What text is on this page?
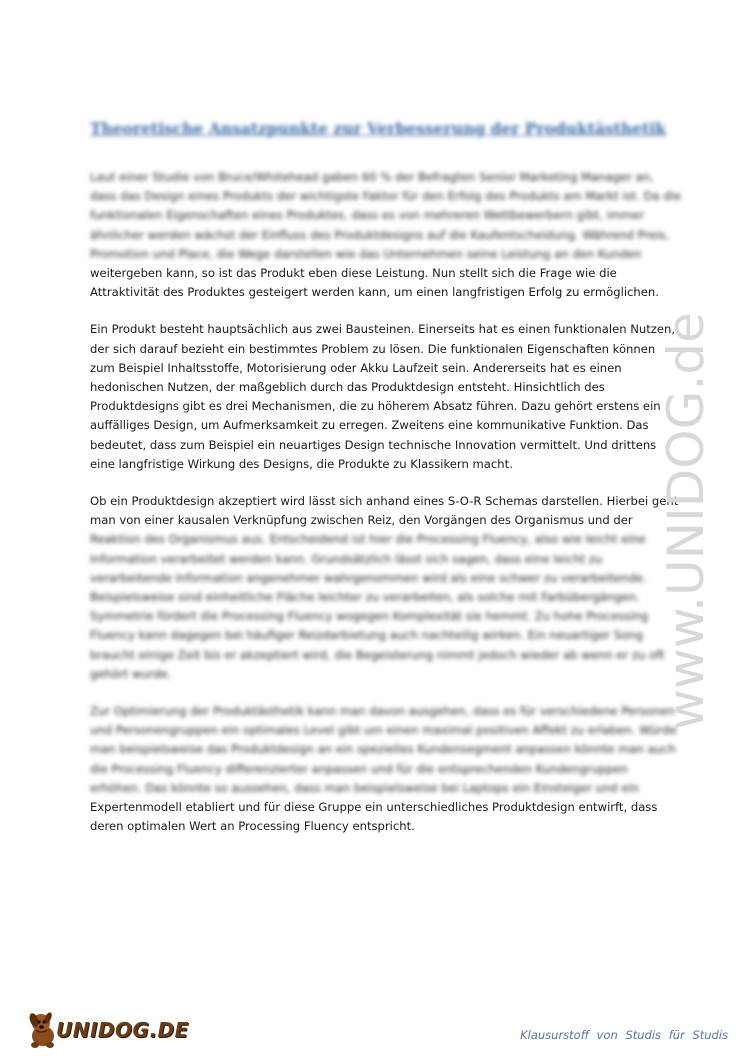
Theoretische Ansatzpunkte zur Verbesserung der Produktästhetik

Laut einer Studie von Bruce/Whitehead gaben 60 % der Befragten Senior Marketing Manager an,
dass das Design eines Produkts der wichtigste Faktor für den Erfolg des Produkts am Markt ist. Da die
funktionalen Eigenschaften eines Produktes, dass es von mehreren Wettbewerbern gibt, immer
ähnlicher werden wächst der Einfluss des Produktdesigns auf die Kaufentscheidung. Während Preis,
Promotion und Place, die Wege darstellen wie das Unternehmen seine Leistung an den Kunden
weitergeben kann, so ist das Produkt eben diese Leistung. Nun stellt sich die Frage wie die
Attraktivität des Produktes gesteigert werden kann, um einen langfristigen Erfolg zu ermöglichen.

Ein Produkt besteht hauptsächlich aus zwei Bausteinen. Einerseits hat es einen funktionalen Nutzen,
der sich darauf bezieht ein bestimmtes Problem zu lösen. Die funktionalen Eigenschaften können
zum Beispiel Inhaltsstoffe, Motorisierung oder Akku Laufzeit sein. Andererseits hat es einen
hedonischen Nutzen, der maßgeblich durch das Produktdesign entsteht. Hinsichtlich des
Produktdesigns gibt es drei Mechanismen, die zu höherem Absatz führen. Dazu gehört erstens ein
auffälliges Design, um Aufmerksamkeit zu erregen. Zweitens eine kommunikative Funktion. Das
bedeutet, dass zum Beispiel ein neuartiges Design technische Innovation vermittelt. Und drittens
eine langfristige Wirkung des Designs, die Produkte zu Klassikern macht.

Ob ein Produktdesign akzeptiert wird lässt sich anhand eines S-O-R Schemas darstellen. Hierbei geht
man von einer kausalen Verknüpfung zwischen Reiz, den Vorgängen des Organismus und der
Reaktion des Organismus aus. Entscheidend ist hier die Processing Fluency, also wie leicht eine
Information verarbeitet werden kann. Grundsätzlich lässt sich sagen, dass eine leicht zu
verarbeitende Information angenehmer wahrgenommen wird als eine schwer zu verarbeitende.
Beispielsweise sind einheitliche Fläche leichter zu verarbeiten, als solche mit Farbübergängen.
Symmetrie fördert die Processing Fluency wogegen Komplexität sie hemmt. Zu hohe Processing
Fluency kann dagegen bei häufiger Reizdarbietung auch nachteilig wirken. Ein neuartiger Song
braucht einige Zeit bis er akzeptiert wird, die Begeisterung nimmt jedoch wieder ab wenn er zu oft
gehört wurde.

Zur Optimierung der Produktästhetik kann man davon ausgehen, dass es für verschiedene Personen
und Personengruppen ein optimales Level gibt um einen maximal positiven Affekt zu erlaben. Würde
man beispielsweise das Produktdesign an ein spezielles Kundensegment anpassen könnte man auch
die Processing Fluency differenzierter anpassen und für die entsprechenden Kundengruppen
erhöhen. Das könnte so aussehen, dass man beispielsweise bei Laptops ein Einsteiger und ein
Expertenmodell etabliert und für diese Gruppe ein unterschiedliches Produktdesign entwirft, dass
deren optimalen Wert an Processing Fluency entspricht.

www.UNIDOG.de
UNIDOG.DE	Klausurstoff von Studis für Studis
